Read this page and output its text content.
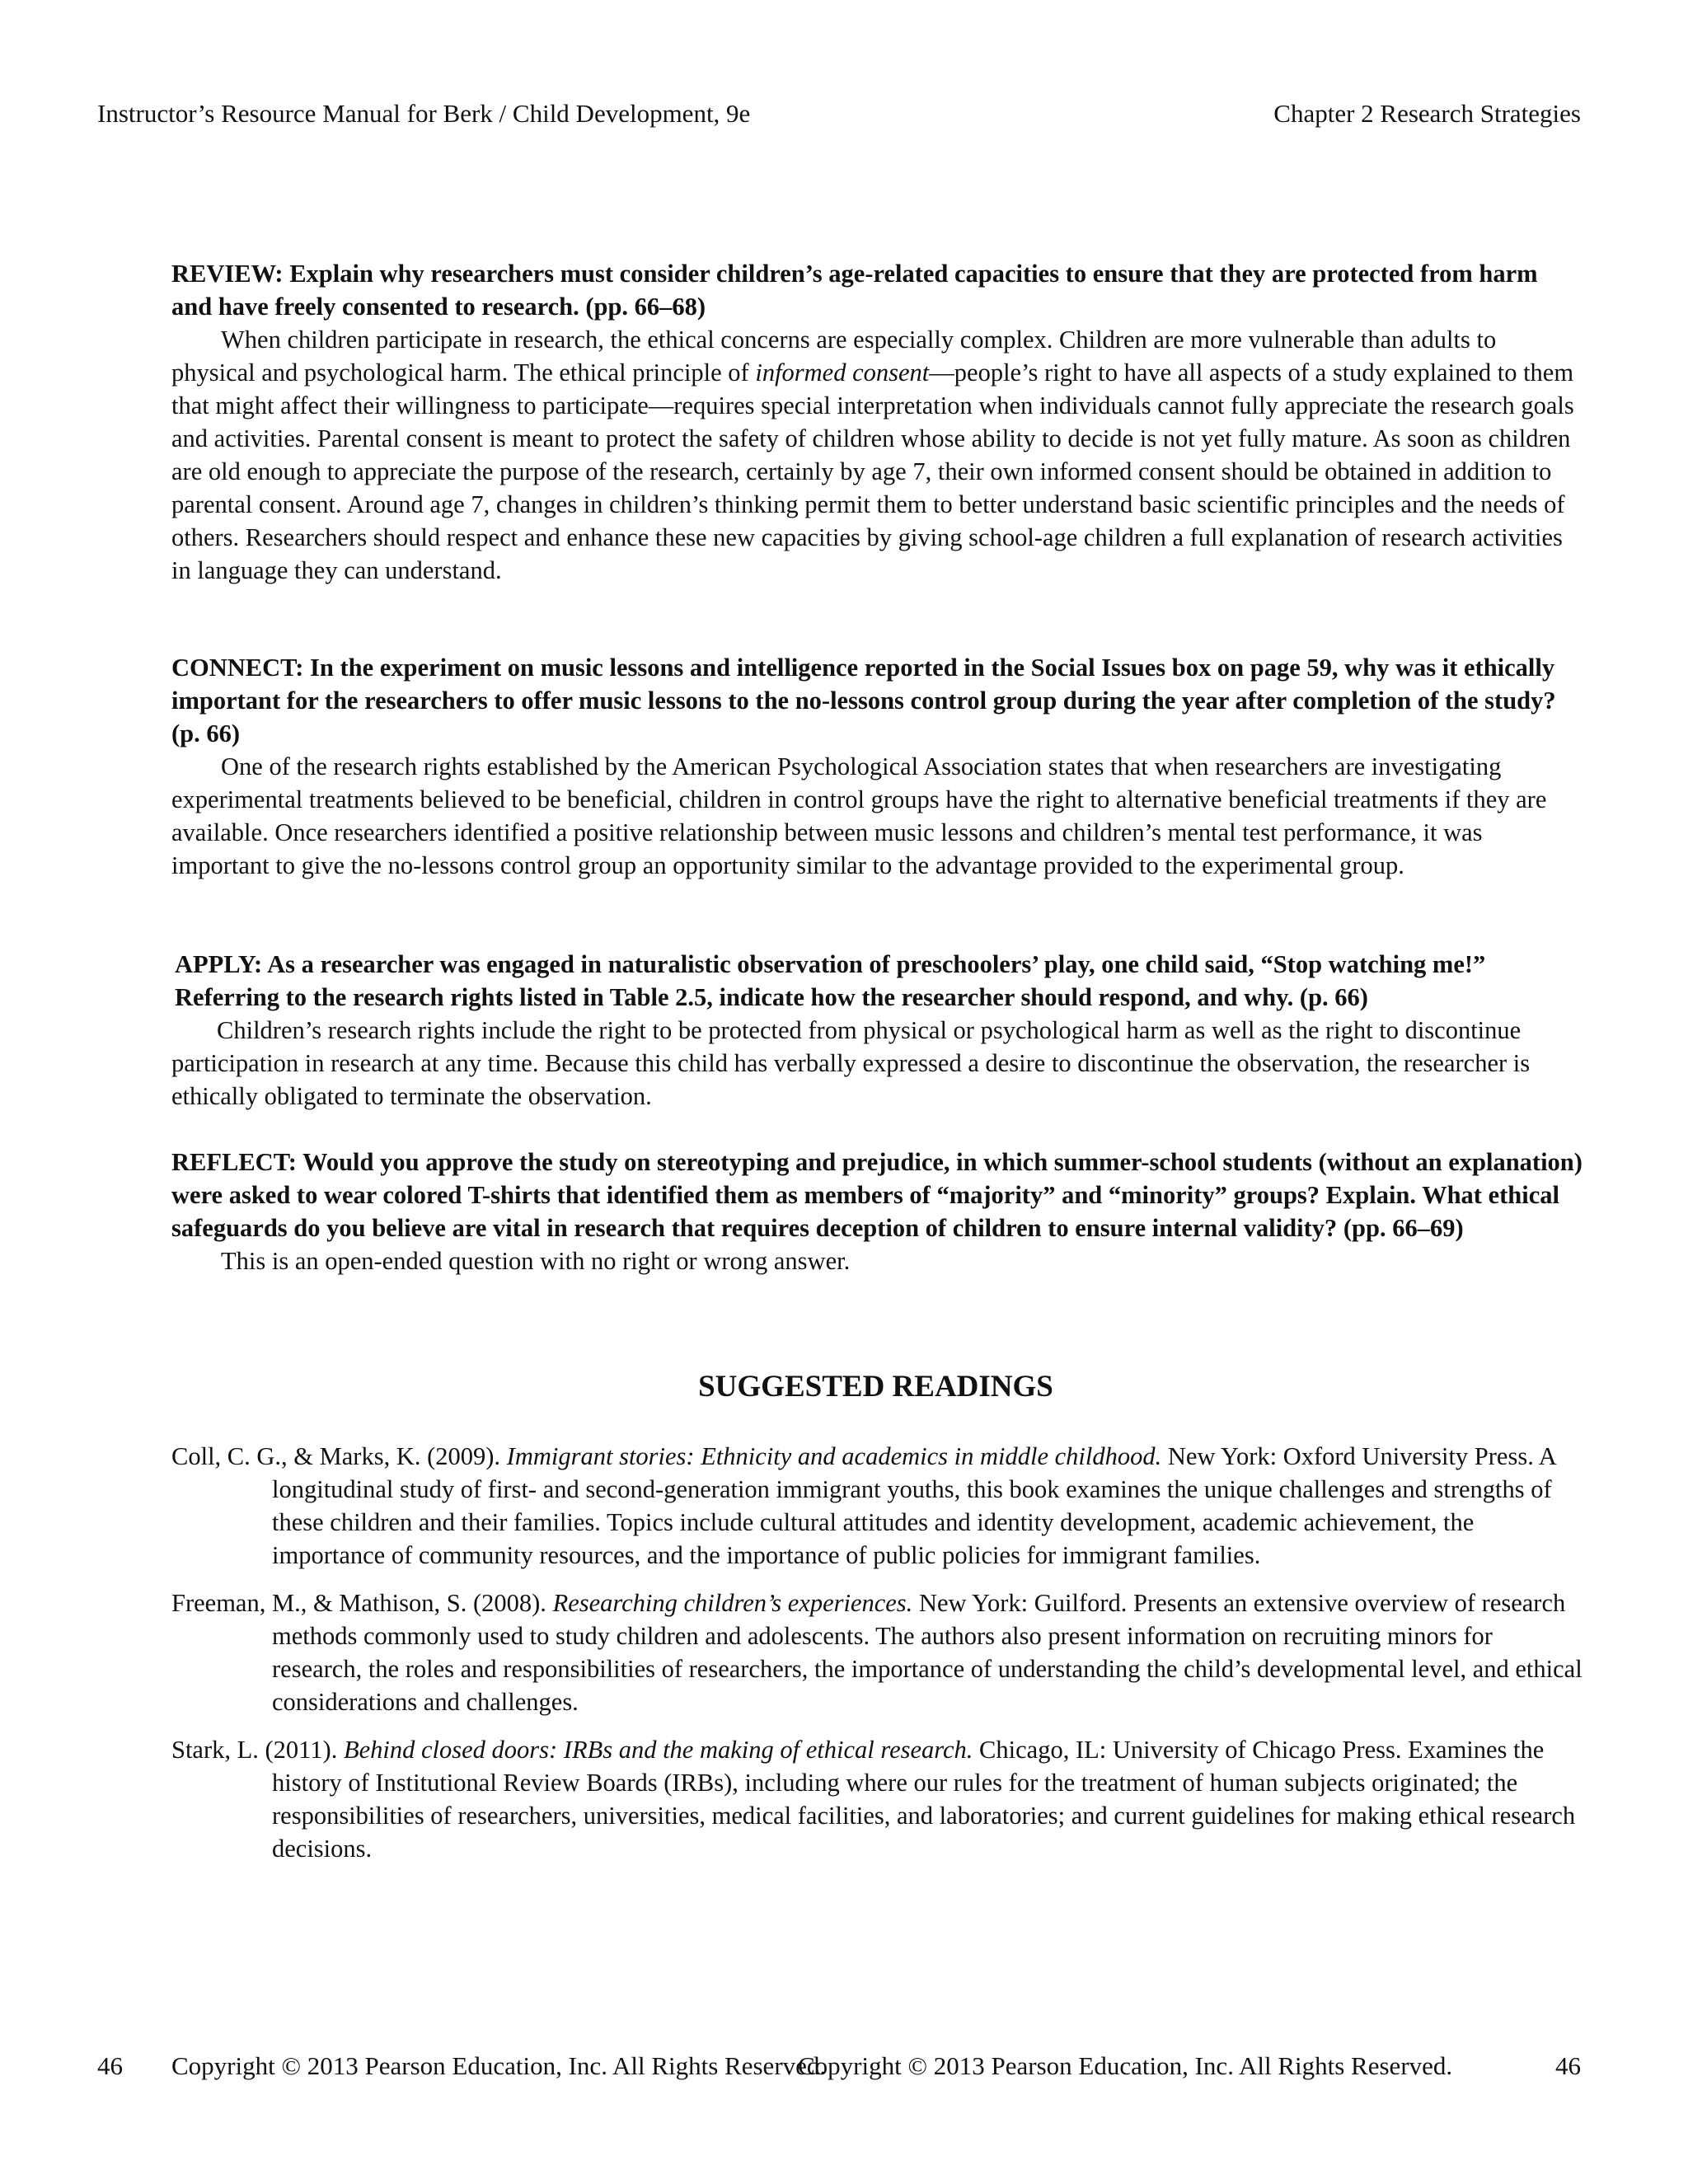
Instructor’s Resource Manual for Berk / Child Development, 9e	Chapter 2 Research Strategies

REVIEW: Explain why researchers must consider children’s age-related capacities to ensure that they are protected from harm and have freely consented to research. (pp. 66–68)

When children participate in research, the ethical concerns are especially complex. Children are more vulnerable than adults to physical and psychological harm. The ethical principle of informed consent—people’s right to have all aspects of a study explained to them that might affect their willingness to participate—requires special interpretation when individuals cannot fully appreciate the research goals and activities. Parental consent is meant to protect the safety of children whose ability to decide is not yet fully mature. As soon as children are old enough to appreciate the purpose of the research, certainly by age 7, their own informed consent should be obtained in addition to parental consent. Around age 7, changes in children’s thinking permit them to better understand basic scientific principles and the needs of others. Researchers should respect and enhance these new capacities by giving school-age children a full explanation of research activities in language they can understand.

CONNECT: In the experiment on music lessons and intelligence reported in the Social Issues box on page 59, why was it ethically important for the researchers to offer music lessons to the no-lessons control group during the year after completion of the study? (p. 66)

One of the research rights established by the American Psychological Association states that when researchers are investigating experimental treatments believed to be beneficial, children in control groups have the right to alternative beneficial treatments if they are available. Once researchers identified a positive relationship between music lessons and children’s mental test performance, it was important to give the no-lessons control group an opportunity similar to the advantage provided to the experimental group.

APPLY: As a researcher was engaged in naturalistic observation of preschoolers’ play, one child said, “Stop watching me!” Referring to the research rights listed in Table 2.5, indicate how the researcher should respond, and why. (p. 66)

Children’s research rights include the right to be protected from physical or psychological harm as well as the right to discontinue participation in research at any time. Because this child has verbally expressed a desire to discontinue the observation, the researcher is ethically obligated to terminate the observation.

REFLECT: Would you approve the study on stereotyping and prejudice, in which summer-school students (without an explanation) were asked to wear colored T-shirts that identified them as members of “majority” and “minority” groups? Explain. What ethical safeguards do you believe are vital in research that requires deception of children to ensure internal validity? (pp. 66–69)

This is an open-ended question with no right or wrong answer.

SUGGESTED READINGS
Coll, C. G., & Marks, K. (2009). Immigrant stories: Ethnicity and academics in middle childhood. New York: Oxford University Press. A longitudinal study of first- and second-generation immigrant youths, this book examines the unique challenges and strengths of these children and their families. Topics include cultural attitudes and identity development, academic achievement, the importance of community resources, and the importance of public policies for immigrant families.
Freeman, M., & Mathison, S. (2008). Researching children’s experiences. New York: Guilford. Presents an extensive overview of research methods commonly used to study children and adolescents. The authors also present information on recruiting minors for research, the roles and responsibilities of researchers, the importance of understanding the child’s developmental level, and ethical considerations and challenges.
Stark, L. (2011). Behind closed doors: IRBs and the making of ethical research. Chicago, IL: University of Chicago Press. Examines the history of Institutional Review Boards (IRBs), including where our rules for the treatment of human subjects originated; the responsibilities of researchers, universities, medical facilities, and laboratories; and current guidelines for making ethical research decisions.
46 Copyright © 2013 Pearson Education, Inc. All Rights Reserved.
Copyright © 2013 Pearson Education, Inc. All Rights Reserved.	46
